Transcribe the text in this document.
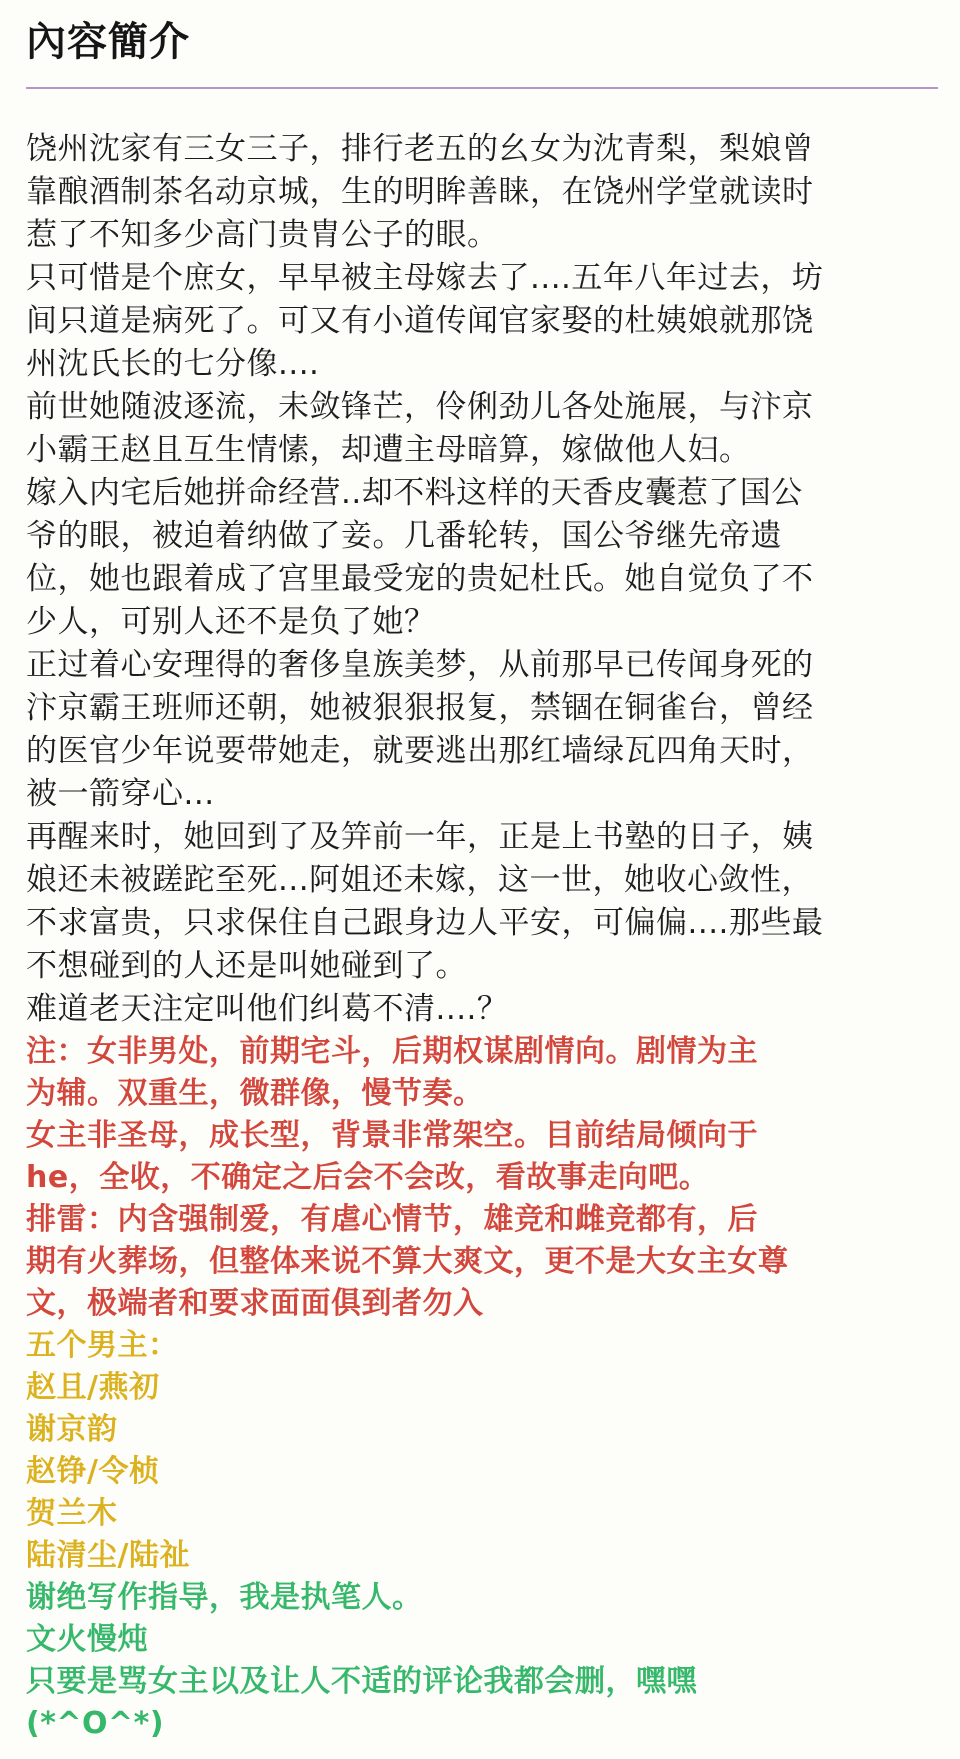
內容簡介
饶州沈家有三女三子，排行老五的幺女为沈青梨，梨娘曾
靠酿酒制茶名动京城，生的明眸善睐，在饶州学堂就读时
惹了不知多少高门贵胄公子的眼。
只可惜是个庶女，早早被主母嫁去了....五年八年过去，坊
间只道是病死了。可又有小道传闻官家娶的杜姨娘就那饶
州沈氏长的七分像....
前世她随波逐流，未敛锋芒，伶俐劲儿各处施展，与汴京
小霸王赵且互生情愫，却遭主母暗算，嫁做他人妇。
嫁入内宅后她拼命经营..却不料这样的天香皮囊惹了国公
爷的眼，被迫着纳做了妾。几番轮转，国公爷继先帝遗
位，她也跟着成了宫里最受宠的贵妃杜氏。她自觉负了不
少人，可别人还不是负了她？
正过着心安理得的奢侈皇族美梦，从前那早已传闻身死的
汴京霸王班师还朝，她被狠狠报复，禁锢在铜雀台，曾经
的医官少年说要带她走，就要逃出那红墙绿瓦四角天时，
被一箭穿心...
再醒来时，她回到了及笄前一年，正是上书塾的日子，姨
娘还未被蹉跎至死...阿姐还未嫁，这一世，她收心敛性，
不求富贵，只求保住自己跟身边人平安，可偏偏....那些最
不想碰到的人还是叫她碰到了。
难道老天注定叫他们纠葛不清....？
注：女非男处，前期宅斗，后期权谋剧情向。剧情为主
为辅。双重生，微群像，慢节奏。
女主非圣母，成长型，背景非常架空。目前结局倾向于
he，全收，不确定之后会不会改，看故事走向吧。
排雷：内含强制爱，有虐心情节，雄竞和雌竞都有，后
期有火葬场，但整体来说不算大爽文，更不是大女主女尊
文，极端者和要求面面俱到者勿入
五个男主：
赵且/燕初
谢京韵
赵铮/令桢
贺兰木
陆清尘/陆祉
谢绝写作指导，我是执笔人。
文火慢炖
只要是骂女主以及让人不适的评论我都会删，嘿嘿
(*^O^*)
